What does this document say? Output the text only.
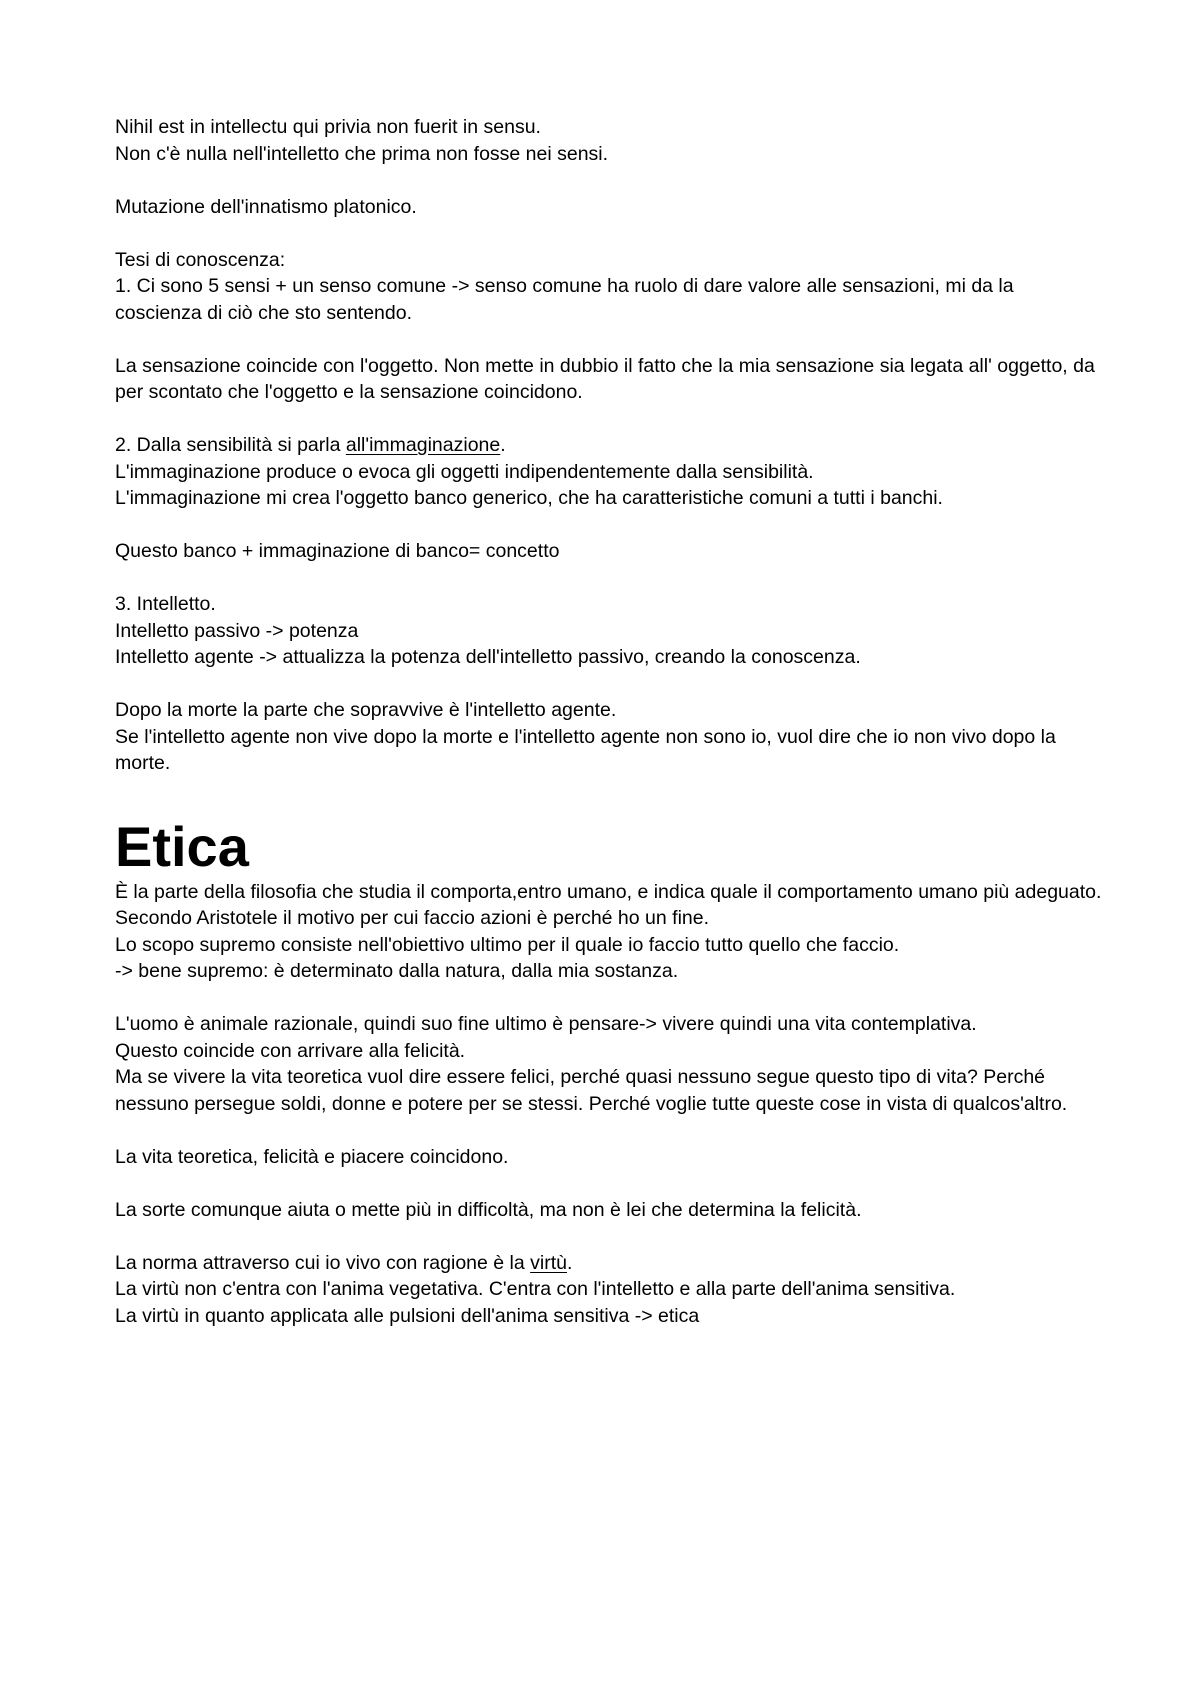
Nihil est in intellectu qui privia non fuerit in sensu.

Non c'è nulla nell'intelletto che prima non fosse nei sensi.

Mutazione dell'innatismo platonico.

Tesi di conoscenza:

1. Ci sono 5 sensi + un senso comune -> senso comune ha ruolo di dare valore alle sensazioni, mi da la coscienza di ciò che sto sentendo.

La sensazione coincide con l'oggetto. Non mette in dubbio il fatto che la mia sensazione sia legata all' oggetto, da per scontato che l'oggetto e la sensazione coincidono.

2. Dalla sensibilità si parla all'immaginazione.

L'immaginazione produce o evoca gli oggetti indipendentemente dalla sensibilità.

L'immaginazione mi crea l'oggetto banco generico, che ha caratteristiche comuni a tutti i banchi.

Questo banco + immaginazione di banco= concetto

3. Intelletto.

Intelletto passivo -> potenza

Intelletto agente -> attualizza la potenza dell'intelletto passivo, creando la conoscenza.

Dopo la morte la parte che sopravvive è l'intelletto agente.

Se l'intelletto agente non vive dopo la morte e l'intelletto agente non sono io, vuol dire che io non vivo dopo la morte.

Etica

È la parte della filosofia che studia il comporta,entro umano, e indica quale il comportamento umano più adeguato.

Secondo Aristotele il motivo per cui faccio azioni è perché ho un fine.

Lo scopo supremo consiste nell'obiettivo ultimo per il quale io faccio tutto quello che faccio.

-> bene supremo: è determinato dalla natura, dalla mia sostanza.

L'uomo è animale razionale, quindi suo fine ultimo è pensare-> vivere quindi una vita contemplativa.

Questo coincide con arrivare alla felicità.

Ma se vivere la vita teoretica vuol dire essere felici, perché quasi nessuno segue questo tipo di vita? Perché nessuno persegue soldi, donne e potere per se stessi. Perché voglie tutte queste cose in vista di qualcos'altro.

La vita teoretica, felicità e piacere coincidono.

La sorte comunque aiuta o mette più in difficoltà, ma non è lei che determina la felicità.

La norma attraverso cui io vivo con ragione è la virtù.

La virtù non c'entra con l'anima vegetativa. C'entra con l'intelletto e alla parte dell'anima sensitiva.

La virtù in quanto applicata alle pulsioni dell'anima sensitiva -> etica
